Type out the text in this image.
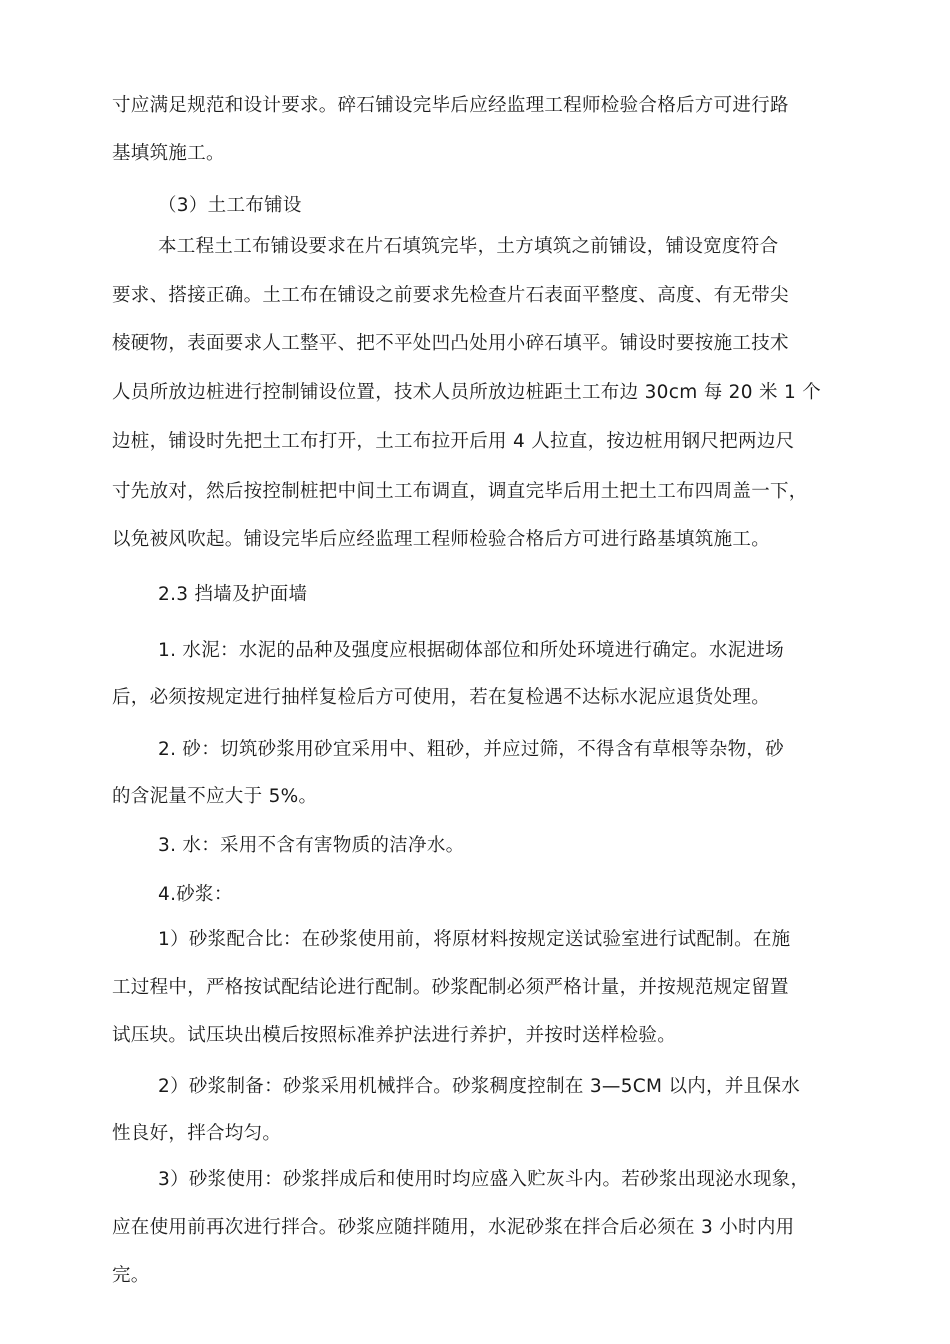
寸应满足规范和设计要求。碎石铺设完毕后应经监理工程师检验合格后方可进行路
基填筑施工。
（3）土工布铺设
本工程土工布铺设要求在片石填筑完毕，土方填筑之前铺设，铺设宽度符合
要求、搭接正确。土工布在铺设之前要求先检查片石表面平整度、高度、有无带尖
棱硬物，表面要求人工整平、把不平处凹凸处用小碎石填平。铺设时要按施工技术
人员所放边桩进行控制铺设位置，技术人员所放边桩距土工布边 30cm 每 20 米 1 个
边桩，铺设时先把土工布打开，土工布拉开后用 4 人拉直，按边桩用钢尺把两边尺
寸先放对，然后按控制桩把中间土工布调直，调直完毕后用土把土工布四周盖一下，
以免被风吹起。铺设完毕后应经监理工程师检验合格后方可进行路基填筑施工。
2.3 挡墙及护面墙
1. 水泥：水泥的品种及强度应根据砌体部位和所处环境进行确定。水泥进场
后，必须按规定进行抽样复检后方可使用，若在复检遇不达标水泥应退货处理。
2. 砂：切筑砂浆用砂宜采用中、粗砂，并应过筛，不得含有草根等杂物，砂
的含泥量不应大于 5%。
3. 水：采用不含有害物质的洁净水。
4.砂浆：
1）砂浆配合比：在砂浆使用前，将原材料按规定送试验室进行试配制。在施
工过程中，严格按试配结论进行配制。砂浆配制必须严格计量，并按规范规定留置
试压块。试压块出模后按照标准养护法进行养护，并按时送样检验。
2）砂浆制备：砂浆采用机械拌合。砂浆稠度控制在 3—5CM 以内，并且保水
性良好，拌合均匀。
3）砂浆使用：砂浆拌成后和使用时均应盛入贮灰斗内。若砂浆出现泌水现象，
应在使用前再次进行拌合。砂浆应随拌随用，水泥砂浆在拌合后必须在 3 小时内用
完。
